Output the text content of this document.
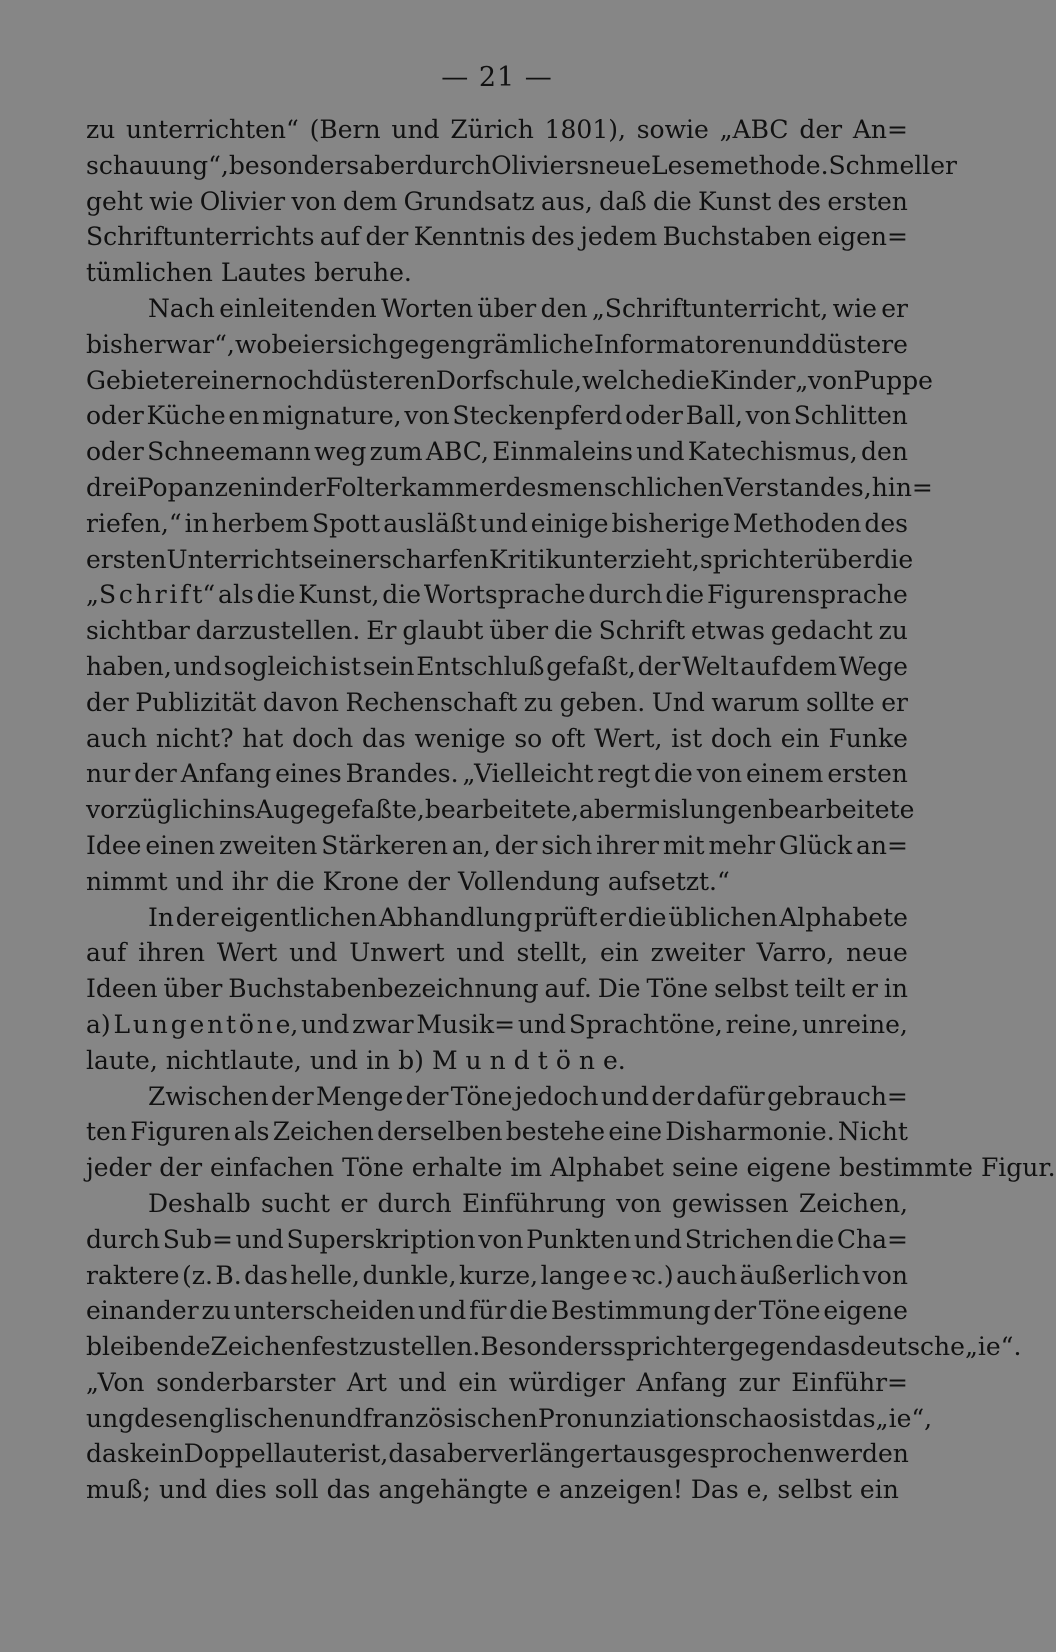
— 21 —
zu unterrichten“ (Bern und Zürich 1801), sowie „ABC der An=
schauung“, besonders aber durch Oliviers neue Lesemethode. Schmeller
geht wie Olivier von dem Grundsatz aus, daß die Kunst des ersten
Schriftunterrichts auf der Kenntnis des jedem Buchstaben eigen=
tümlichen Lautes beruhe.
Nach einleitenden Worten über den „Schriftunterricht, wie er
bisher war“, wobei er sich gegen grämliche Informatoren und düstere
Gebieter einer noch düsteren Dorfschule, welche die Kinder „von Puppe
oder Küche en mignature, von Steckenpferd oder Ball, von Schlitten
oder Schneemann weg zum ABC, Einmaleins und Katechismus, den
drei Popanzen in der Folterkammer des menschlichen Verstandes, hin=
riefen,“ in herbem Spott ausläßt und einige bisherige Methoden des
ersten Unterrichts einer scharfen Kritik unterzieht, spricht er über die
„S c h r i f t“ als die Kunst, die Wortsprache durch die Figurensprache
sichtbar darzustellen. Er glaubt über die Schrift etwas gedacht zu
haben, und sogleich ist sein Entschluß gefaßt, der Welt auf dem Wege
der Publizität davon Rechenschaft zu geben. Und warum sollte er
auch nicht? hat doch das wenige so oft Wert, ist doch ein Funke
nur der Anfang eines Brandes. „Vielleicht regt die von einem ersten
vorzüglich ins Auge gefaßte, bearbeitete, aber mislungen bearbeitete
Idee einen zweiten Stärkeren an, der sich ihrer mit mehr Glück an=
nimmt und ihr die Krone der Vollendung aufsetzt.“
In der eigentlichen Abhandlung prüft er die üblichen Alphabete
auf ihren Wert und Unwert und stellt, ein zweiter Varro, neue
Ideen über Buchstabenbezeichnung auf. Die Töne selbst teilt er in
a) L u n g e n t ö n e, und zwar Musik= und Sprachtöne, reine, unreine,
laute, nichtlaute, und in b) M u n d t ö n e.
Zwischen der Menge der Töne jedoch und der dafür gebrauch=
ten Figuren als Zeichen derselben bestehe eine Disharmonie. Nicht
jeder der einfachen Töne erhalte im Alphabet seine eigene bestimmte Figur.
Deshalb sucht er durch Einführung von gewissen Zeichen,
durch Sub= und Superskription von Punkten und Strichen die Cha=
raktere (z. B. das helle, dunkle, kurze, lange e ꝛc.) auch äußerlich von
einander zu unterscheiden und für die Bestimmung der Töne eigene
bleibende Zeichen festzustellen. Besonders spricht er gegen das deutsche „ie“.
„Von sonderbarster Art und ein würdiger Anfang zur Einführ=
ung des englischen und französischen Pronunziationschaos ist das „ie“,
das kein Doppellauter ist, das aber verlängert ausgesprochen werden
muß; und dies soll das angehängte e anzeigen! Das e, selbst ein
